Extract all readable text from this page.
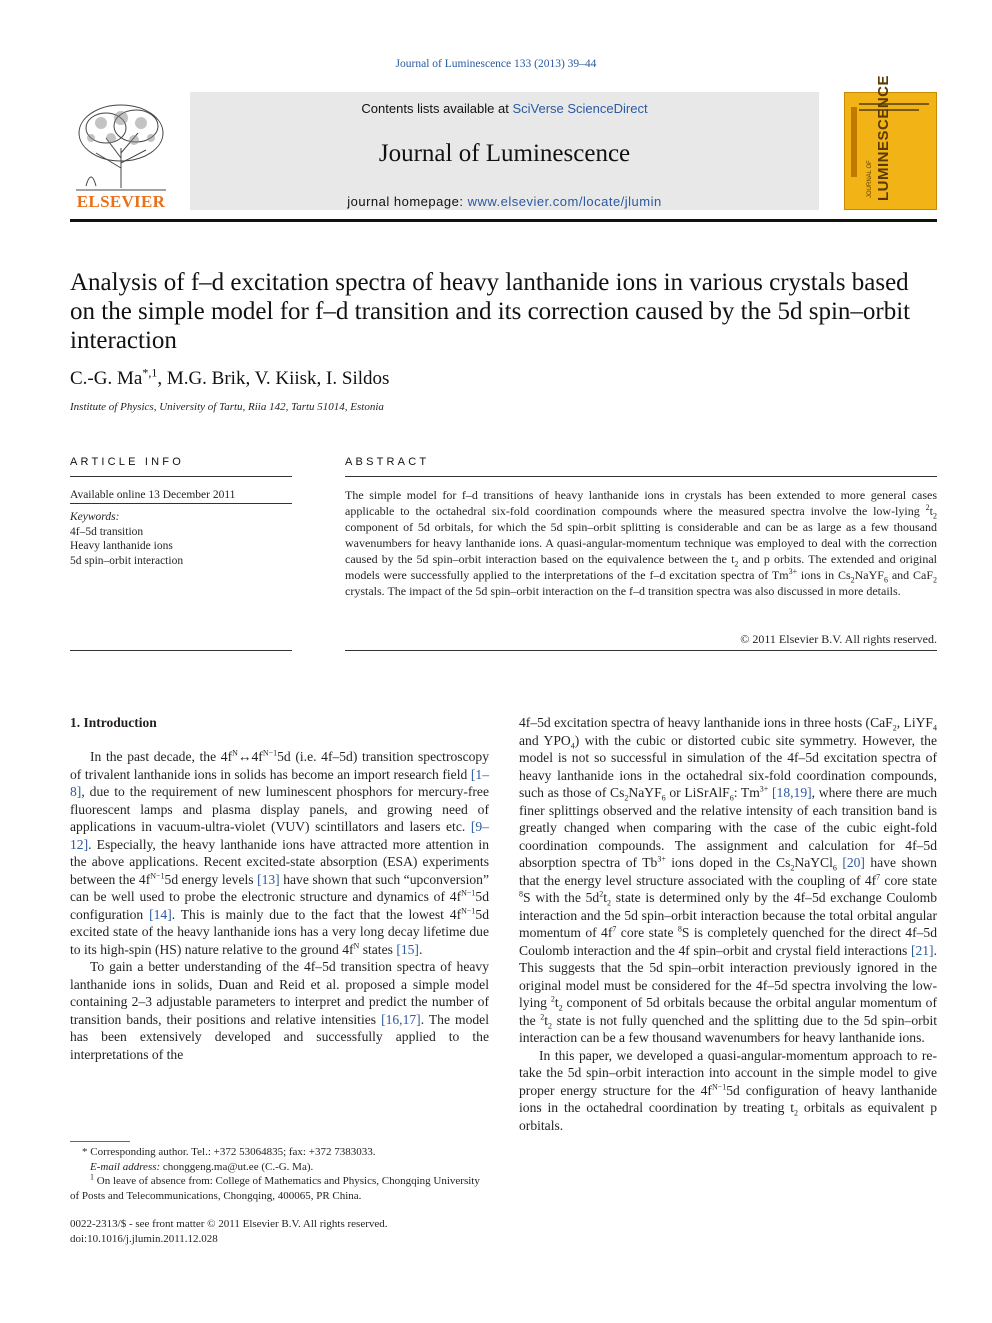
Journal of Luminescence 133 (2013) 39–44
ELSEVIER
Contents lists available at SciVerse ScienceDirect
Journal of Luminescence
journal homepage: www.elsevier.com/locate/jlumin
JOURNAL OF LUMINESCENCE
Analysis of f–d excitation spectra of heavy lanthanide ions in various crystals based on the simple model for f–d transition and its correction caused by the 5d spin–orbit interaction
C.-G. $Ma^{*,1}$, M.G. Brik, V. Kiisk, I. Sildos
Institute of Physics, University of Tartu, Riia 142, Tartu 51014, Estonia
ARTICLE INFO
Available online 13 December 2011
Keywords:
4f–5d transition
Heavy lanthanide ions
5d spin–orbit interaction
ABSTRACT
The simple model for f–d transitions of heavy lanthanide ions in crystals has been extended to more general cases applicable to the octahedral six-fold coordination compounds where the measured spectra involve the low-lying $^2t_2$ component of 5d orbitals, for which the 5d spin–orbit splitting is considerable and can be as large as a few thousand wavenumbers for heavy lanthanide ions. A quasi-angular-momentum technique was employed to deal with the correction caused by the 5d spin–orbit interaction based on the equivalence between the $t_2$ and p orbits. The extended and original models were successfully applied to the interpretations of the f–d excitation spectra of $Tm^{3+}$ ions in $Cs_2NaYF_6$ and CaF$_2$ crystals. The impact of the 5d spin–orbit interaction on the f–d transition spectra was also discussed in more details.
© 2011 Elsevier B.V. All rights reserved.
1. Introduction

In the past decade, the $4f^N\leftrightarrow 4f^{N-1}5d$ (i.e. 4f–5d) transition spectroscopy of trivalent lanthanide ions in solids has become an import research field [1–8], due to the requirement of new luminescent phosphors for mercury-free fluorescent lamps and plasma display panels, and growing need of applications in vacuum-ultra-violet (VUV) scintillators and lasers etc. [9–12]. Especially, the heavy lanthanide ions have attracted more attention in the above applications. Recent excited-state absorption (ESA) experiments between the $4f^{N-1}5d$ energy levels [13] have shown that such “upconversion” can be well used to probe the electronic structure and dynamics of $4f^{N-1}5d$ configuration [14]. This is mainly due to the fact that the lowest $4f^{N-1}5d$ excited state of the heavy lanthanide ions has a very long decay lifetime due to its high-spin (HS) nature relative to the ground $4f^N$ states [15].

To gain a better understanding of the 4f–5d transition spectra of heavy lanthanide ions in solids, Duan and Reid et al. proposed a simple model containing 2–3 adjustable parameters to interpret and predict the number of transition bands, their positions and relative intensities [16,17]. The model has been extensively developed and successfully applied to the interpretations of the

* Corresponding author. Tel.: +372 53064835; fax: +372 7383033.
E-mail address: chonggeng.ma@ut.ee (C.-G. Ma).
$^1$ On leave of absence from: College of Mathematics and Physics, Chongqing University of Posts and Telecommunications, Chongqing, 400065, PR China.
0022-2313/$ - see front matter © 2011 Elsevier B.V. All rights reserved.
doi:10.1016/j.jlumin.2011.12.028

4f–5d excitation spectra of heavy lanthanide ions in three hosts (CaF$_2$, LiYF$_4$ and $YPO_4$) with the cubic or distorted cubic site symmetry. However, the model is not so successful in simulation of the 4f–5d excitation spectra of heavy lanthanide ions in the octahedral six-fold coordination compounds, such as those of $Cs_2NaYF_6$ or LiSrAlF$_6$: $Tm^{3+}$ [18,19], where there are much finer splittings observed and the relative intensity of each transition band is greatly changed when comparing with the case of the cubic eight-fold coordination compounds. The assignment and calculation for 4f–5d absorption spectra of $Tb^{3+}$ ions doped in the $Cs_2NaYCl_6$ [20] have shown that the energy level structure associated with the coupling of $4f^7$ core state $^8$S with the $5d^2t_2$ state is determined only by the 4f–5d exchange Coulomb interaction and the 5d spin–orbit interaction because the total orbital angular momentum of $4f^7$ core state $^8$S is completely quenched for the direct 4f–5d Coulomb interaction and the 4f spin–orbit and crystal field interactions [21]. This suggests that the 5d spin–orbit interaction previously ignored in the original model must be considered for the 4f–5d spectra involving the low-lying $^2t_2$ component of 5d orbitals because the orbital angular momentum of the $^2t_2$ state is not fully quenched and the splitting due to the 5d spin–orbit interaction can be a few thousand wavenumbers for heavy lanthanide ions.

In this paper, we developed a quasi-angular-momentum approach to re-take the 5d spin–orbit interaction into account in the simple model to give proper energy structure for the $4f^{N-1}5d$ configuration of heavy lanthanide ions in the octahedral coordination by treating $t_2$ orbitals as equivalent p orbitals.
